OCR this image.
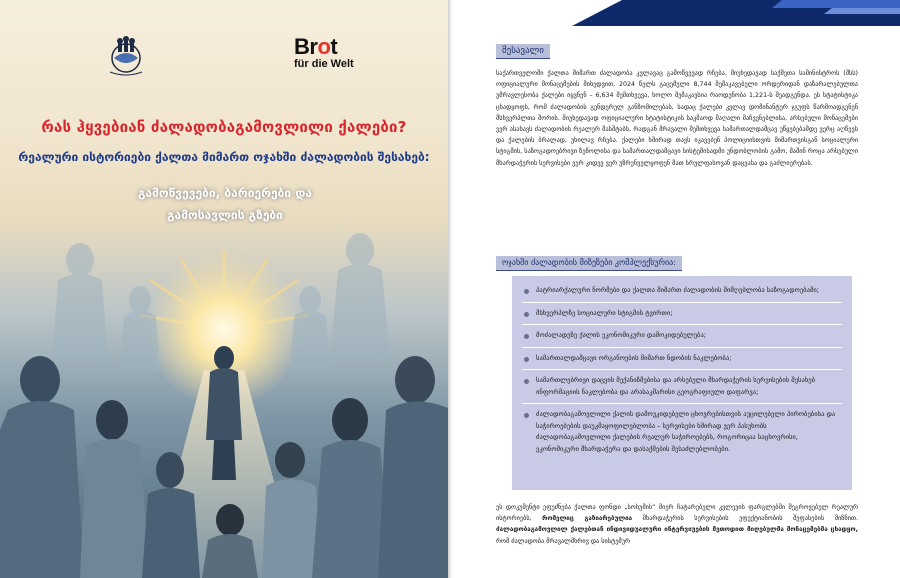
Brot
für die Welt
რას ჰყვებიან ძალადობაგამოვლილი ქალები?
რეალური ისტორიები ქალთა მიმართ ოჯახში ძალადობის შესახებ:
გამოწვევები, ბარიერები და
გამოსავლის გზები
შესავალი
საქართველოში ქალთა მიმართ ძალადობა კვლავაც გამოწვევად რჩება. მიუხედავად საქმეთა სამინისტროს (შსს) ოფიციალური მონაცემების მიხედვით, 2024 წელს გაცემული 8,744 შემაკავებელი ორდერიდან დაზარალებულთა უმრავლესობა ქალები იყვნენ – 6,634 შემთხვევა, ხოლო შემაკავსია რაოდენობა 1,221-ს შეადგენდა. ეს სტატისტიკა ცხადყოფს, რომ ძალადობის გენდერულ განზომილებას, სადაც ქალები კვლავ დომინანტურ ჯგუფს წარმოადგენენ მსხვერპლთა შორის. მიუხედავად ოფიციალური სტატისტიკის საკმაოდ მაღალი მაჩვენებლისა, არსებული მონაცემები ვერ ასახავს ძალადობის რეალურ მასშტაბს, რადგან მრავალი შემთხვევა სამართალდამცავ უწყებებამდე ვერც აღწევს და ქალების ბრალად, უხილავ რჩება. ქალები ხშირად თავს იკავებენ პოლიციისთვის მიმართვისგან სოციალური სტიგმის, საზოგადოებრივი ზეწოლისა და სამართალდამცავი სისტემისადმი უნდობლობის გამო, მაშინ როცა არსებული მხარდაჭერის სერვისები ვერ კიდევ ვერ უზრუნველყოფენ მათ სრულფასოვან დაცვასა და გაძლიერებას.
ოჯახში ძალადობის მიზეზები კომპლექსურია:
პატრიარქალური ნორმები და ქალთა მიმართ ძალადობის მიმღებლობა საზოგადოებაში;
მსხვერპლზე სოციალური სტიგმის ტვირთი;
მოძალადეზე ქალის ეკონომიკური დამოკიდებულება;
სამართალდამცავი ორგანოების მიმართ ნდობის ნაკლებობა;
სამართლებრივი დაცვის მექანიზმებისა და არსებული მხარდაჭერის სერვისების შესახებ ინფორმაციის ნაკლებობა და არასაკმარისი გეოგრაფიული დაფარვა;
ძალადობაგამოვლილი ქალის დამოუკიდებელი ცხოვრებისთვის აუცილებელი პირობებისა და საჭიროებების დაუკმაყოფილებლობა – სერვისები ხშირად ვერ პასუხობს ძალადობაგამოვლილი ქალების რეალურ საჭიროებებს, როგორიცაა საცხოვრისი, ეკონომიკური მხარდაჭერა და დასაქმების შესაძლებლობები.
ეს დოკუმენტი ეფუძნება ქალთა ფონდი „სოხუმის“ მიერ ჩატარებული კვლევის ფარგლებში შეგროვებულ რეალურ ისტორიებს, რომელიც გაზიარებულია მხარდაჭერის სერვისების ეფექტიანობის შეფასების მიზნით. ძალადობაგამოვლილ ქალებთან ინდივიდუალური ინტერვიუების მეთოდით მიღებულმა მონაცემებმა ცხადყო, რომ ძალადობა მრავალმხრივ და სისტემურ
